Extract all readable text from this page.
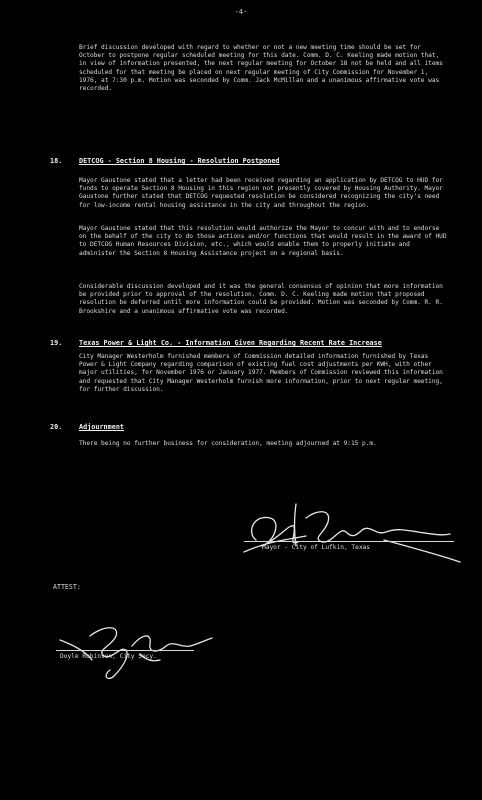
-4-
Brief discussion developed with regard to whether or not a new meeting time should be set for October to postpone regular scheduled meeting for this date. Comm. D. C. Keeling made motion that, in view of information presented, the next regular meeting for October 18 not be held and all items scheduled for that meeting be placed on next regular meeting of City Commission for November 1, 1976, at 7:30 p.m. Motion was seconded by Comm. Jack McMillan and a unanimous affirmative vote was recorded.
18. DETCOG - Section 8 Housing - Resolution Postponed
Mayor Gaustone stated that a letter had been received regarding an application by DETCOG to HUD for funds to operate Section 8 Housing in this region not presently covered by Housing Authority. Mayor Gaustone further stated that DETCOG requested resolution be considered recognizing the city's need for low-income rental housing assistance in the city and throughout the region.
Mayor Gaustone stated that this resolution would authorize the Mayor to concur with and to endorse on the behalf of the city to do those actions and/or functions that would result in the award of HUD to DETCOG Human Resources Division, etc., which would enable them to properly initiate and administer the Section 8 Housing Assistance project on a regional basis.
Considerable discussion developed and it was the general consensus of opinion that more information be provided prior to approval of the resolution. Comm. D. C. Keeling made motion that proposed resolution be deferred until more information could be provided. Motion was seconded by Comm. R. R. Brookshire and a unanimous affirmative vote was recorded.
19. Texas Power & Light Co. - Information Given Regarding Recent Rate Increase
City Manager Westerholm furnished members of Commission detailed information furnished by Texas Power & Light Company regarding comparison of existing fuel cost adjustments per KWH, with other major utilities, for November 1976 or January 1977. Members of Commission reviewed this information and requested that City Manager Westerholm furnish more information, prior to next regular meeting, for further discussion.
20. Adjournment
There being no further business for consideration, meeting adjourned at 9:15 p.m.
Mayor - City of Lufkin, Texas
ATTEST:
Doyle Robinson, City Secy.
